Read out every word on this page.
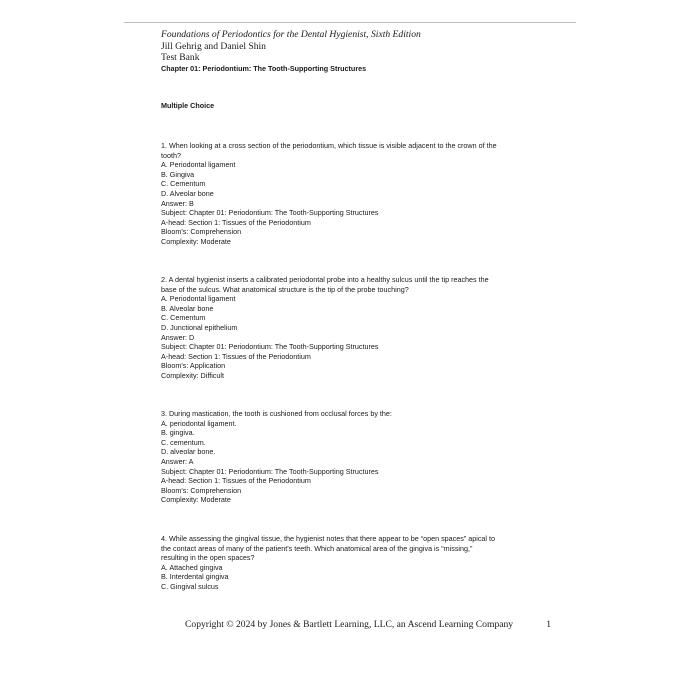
Foundations of Periodontics for the Dental Hygienist, Sixth Edition
Jill Gehrig and Daniel Shin
Test Bank
Chapter 01: Periodontium: The Tooth-Supporting Structures
Multiple Choice
1. When looking at a cross section of the periodontium, which tissue is visible adjacent to the crown of the
tooth?
A. Periodontal ligament
B. Gingiva
C. Cementum
D. Alveolar bone
Answer: B
Subject: Chapter 01: Periodontium: The Tooth-Supporting Structures
A-head: Section 1: Tissues of the Periodontium
Bloom's: Comprehension
Complexity: Moderate
2. A dental hygienist inserts a calibrated periodontal probe into a healthy sulcus until the tip reaches the
base of the sulcus. What anatomical structure is the tip of the probe touching?
A. Periodontal ligament
B. Alveolar bone
C. Cementum
D. Junctional epithelium
Answer: D
Subject: Chapter 01: Periodontium: The Tooth-Supporting Structures
A-head: Section 1: Tissues of the Periodontium
Bloom's: Application
Complexity: Difficult
3. During mastication, the tooth is cushioned from occlusal forces by the:
A. periodontal ligament.
B. gingiva.
C. cementum.
D. alveolar bone.
Answer: A
Subject: Chapter 01: Periodontium: The Tooth-Supporting Structures
A-head: Section 1: Tissues of the Periodontium
Bloom's: Comprehension
Complexity: Moderate
4. While assessing the gingival tissue, the hygienist notes that there appear to be “open spaces” apical to
the contact areas of many of the patient's teeth. Which anatomical area of the gingiva is “missing,”
resulting in the open spaces?
A. Attached gingiva
B. Interdental gingiva
C. Gingival sulcus
Copyright © 2024 by Jones & Bartlett Learning, LLC, an Ascend Learning Company	1
